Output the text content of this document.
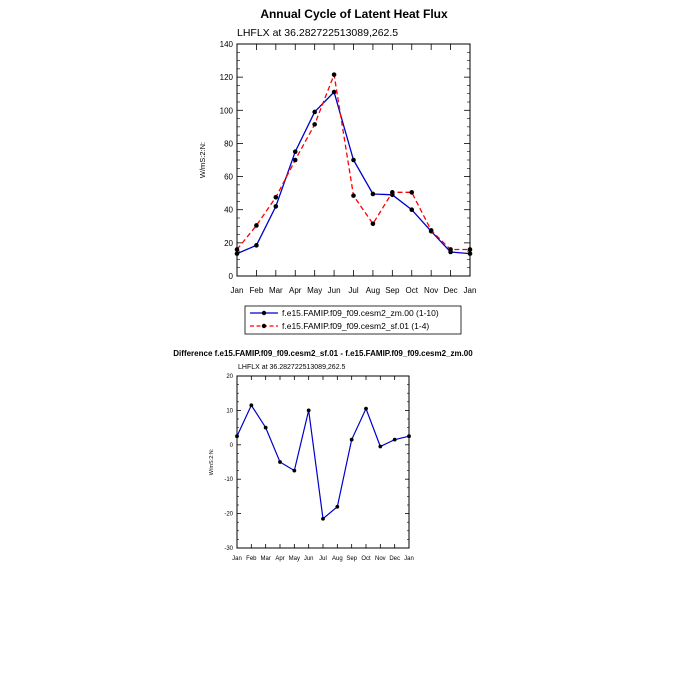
Annual Cycle of Latent Heat Flux
LHFLX at 36.282722513089,262.5
0
20
40
60
80
100
120
140
Jan Feb Mar Apr May Jun Jul Aug Sep Oct Nov Dec Jan
W/mS:2:N:
f.e15.FAMIP.f09_f09.cesm2_zm.00 (1-10)
f.e15.FAMIP.f09_f09.cesm2_sf.01 (1-4)
Difference f.e15.FAMIP.f09_f09.cesm2_sf.01 - f.e15.FAMIP.f09_f09.cesm2_zm.00
LHFLX at 36.282722513089,262.5
-30
-20
-10
0
10
20
Jan Feb Mar Apr May Jun Jul Aug Sep Oct Nov Dec Jan
W/mS:2:N:
